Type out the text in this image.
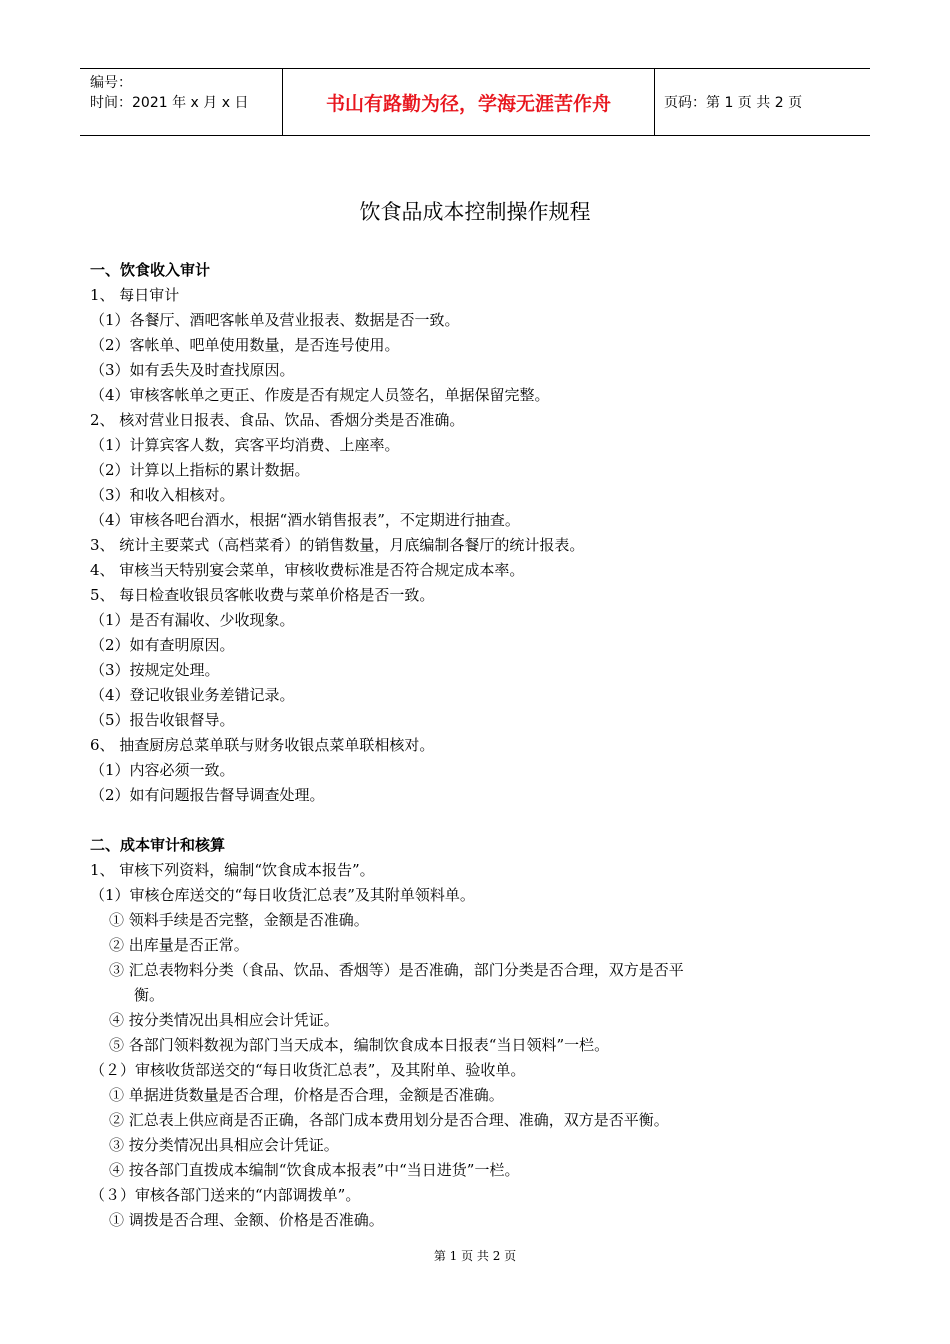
编号：
时间：2021 年 x 月 x 日	书山有路勤为径，学海无涯苦作舟	页码：第 1 页 共 2 页
饮食品成本控制操作规程
一、饮食收入审计
1、 每日审计
（1）各餐厅、酒吧客帐单及营业报表、数据是否一致。
（2）客帐单、吧单使用数量，是否连号使用。
（3）如有丢失及时查找原因。
（4）审核客帐单之更正、作废是否有规定人员签名，单据保留完整。
2、 核对营业日报表、食品、饮品、香烟分类是否准确。
（1）计算宾客人数，宾客平均消费、上座率。
（2）计算以上指标的累计数据。
（3）和收入相核对。
（4）审核各吧台酒水，根据“酒水销售报表”，不定期进行抽查。
3、 统计主要菜式（高档菜肴）的销售数量，月底编制各餐厅的统计报表。
4、 审核当天特别宴会菜单，审核收费标准是否符合规定成本率。
5、 每日检查收银员客帐收费与菜单价格是否一致。
（1）是否有漏收、少收现象。
（2）如有查明原因。
（3）按规定处理。
（4）登记收银业务差错记录。
（5）报告收银督导。
6、 抽查厨房总菜单联与财务收银点菜单联相核对。
（1）内容必须一致。
（2）如有问题报告督导调查处理。
二、成本审计和核算
1、 审核下列资料，编制“饮食成本报告”。
（1）审核仓库送交的“每日收货汇总表”及其附单领料单。
① 领料手续是否完整，金额是否准确。
② 出库量是否正常。
③ 汇总表物料分类（食品、饮品、香烟等）是否准确，部门分类是否合理，双方是否平
衡。
④ 按分类情况出具相应会计凭证。
⑤ 各部门领料数视为部门当天成本，编制饮食成本日报表“当日领料”一栏。
（２）审核收货部送交的“每日收货汇总表”，及其附单、验收单。
① 单据进货数量是否合理，价格是否合理，金额是否准确。
② 汇总表上供应商是否正确，各部门成本费用划分是否合理、准确，双方是否平衡。
③ 按分类情况出具相应会计凭证。
④ 按各部门直拨成本编制“饮食成本报表”中“当日进货”一栏。
（３）审核各部门送来的“内部调拨单”。
① 调拨是否合理、金额、价格是否准确。
第 1 页 共 2 页
